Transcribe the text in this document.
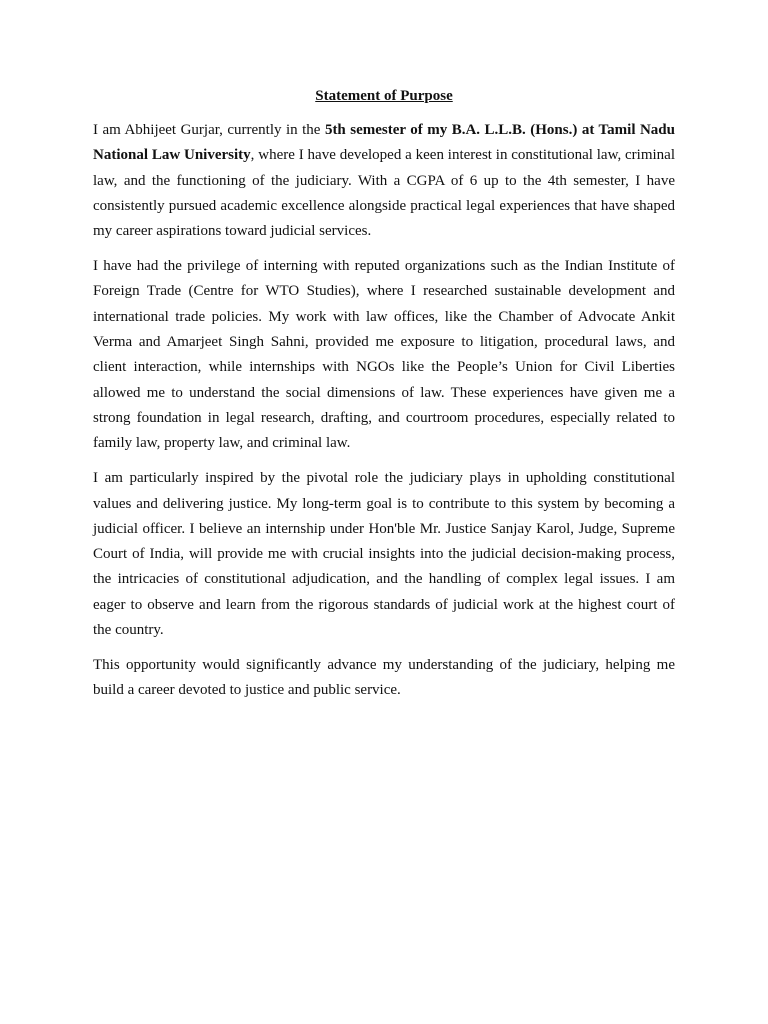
Statement of Purpose

I am Abhijeet Gurjar, currently in the 5th semester of my B.A. L.L.B. (Hons.) at Tamil Nadu National Law University, where I have developed a keen interest in constitutional law, criminal law, and the functioning of the judiciary. With a CGPA of 6 up to the 4th semester, I have consistently pursued academic excellence alongside practical legal experiences that have shaped my career aspirations toward judicial services.

I have had the privilege of interning with reputed organizations such as the Indian Institute of Foreign Trade (Centre for WTO Studies), where I researched sustainable development and international trade policies. My work with law offices, like the Chamber of Advocate Ankit Verma and Amarjeet Singh Sahni, provided me exposure to litigation, procedural laws, and client interaction, while internships with NGOs like the People’s Union for Civil Liberties allowed me to understand the social dimensions of law. These experiences have given me a strong foundation in legal research, drafting, and courtroom procedures, especially related to family law, property law, and criminal law.

I am particularly inspired by the pivotal role the judiciary plays in upholding constitutional values and delivering justice. My long-term goal is to contribute to this system by becoming a judicial officer. I believe an internship under Hon'ble Mr. Justice Sanjay Karol, Judge, Supreme Court of India, will provide me with crucial insights into the judicial decision-making process, the intricacies of constitutional adjudication, and the handling of complex legal issues. I am eager to observe and learn from the rigorous standards of judicial work at the highest court of the country.

This opportunity would significantly advance my understanding of the judiciary, helping me build a career devoted to justice and public service.
